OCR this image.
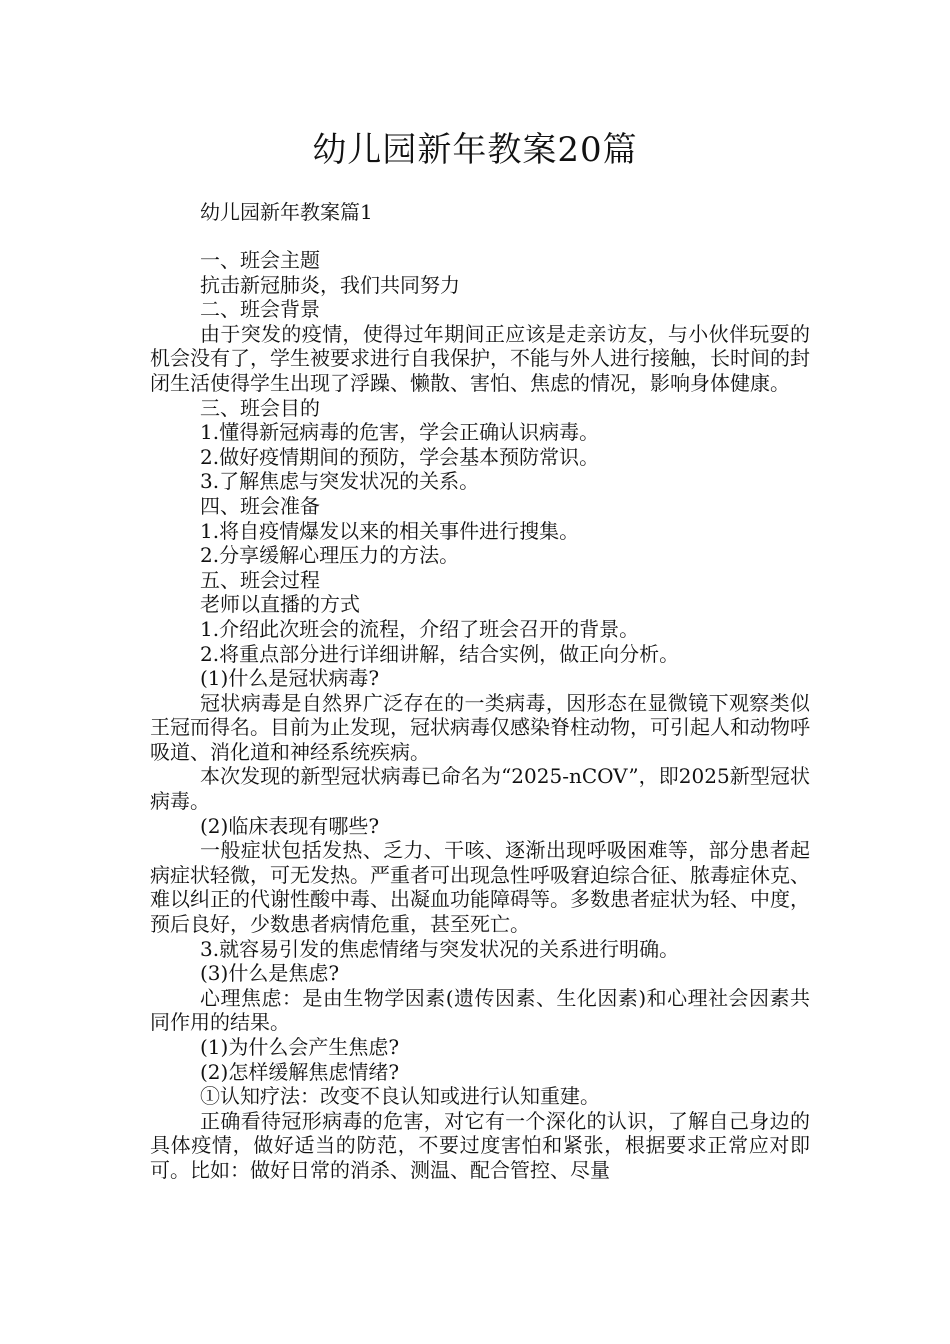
幼儿园新年教案20篇
幼儿园新年教案篇1

一、班会主题

抗击新冠肺炎，我们共同努力

二、班会背景

由于突发的疫情，使得过年期间正应该是走亲访友，与小伙伴玩耍的机会没有了，学生被要求进行自我保护，不能与外人进行接触，长时间的封闭生活使得学生出现了浮躁、懒散、害怕、焦虑的情况，影响身体健康。

三、班会目的

1.懂得新冠病毒的危害，学会正确认识病毒。

2.做好疫情期间的预防，学会基本预防常识。

3.了解焦虑与突发状况的关系。

四、班会准备

1.将自疫情爆发以来的相关事件进行搜集。

2.分享缓解心理压力的方法。

五、班会过程

老师以直播的方式

1.介绍此次班会的流程，介绍了班会召开的背景。

2.将重点部分进行详细讲解，结合实例，做正向分析。

(1)什么是冠状病毒?

冠状病毒是自然界广泛存在的一类病毒，因形态在显微镜下观察类似王冠而得名。目前为止发现，冠状病毒仅感染脊柱动物，可引起人和动物呼吸道、消化道和神经系统疾病。

本次发现的新型冠状病毒已命名为“2025-nCOV”，即2025新型冠状病毒。

(2)临床表现有哪些?

一般症状包括发热、乏力、干咳、逐渐出现呼吸困难等，部分患者起病症状轻微，可无发热。严重者可出现急性呼吸窘迫综合征、脓毒症休克、难以纠正的代谢性酸中毒、出凝血功能障碍等。多数患者症状为轻、中度，预后良好，少数患者病情危重，甚至死亡。

3.就容易引发的焦虑情绪与突发状况的关系进行明确。

(3)什么是焦虑?

心理焦虑：是由生物学因素(遗传因素、生化因素)和心理社会因素共同作用的结果。

(1)为什么会产生焦虑?

(2)怎样缓解焦虑情绪?

①认知疗法：改变不良认知或进行认知重建。

正确看待冠形病毒的危害，对它有一个深化的认识，了解自己身边的具体疫情，做好适当的防范，不要过度害怕和紧张，根据要求正常应对即可。比如：做好日常的消杀、测温、配合管控、尽量
